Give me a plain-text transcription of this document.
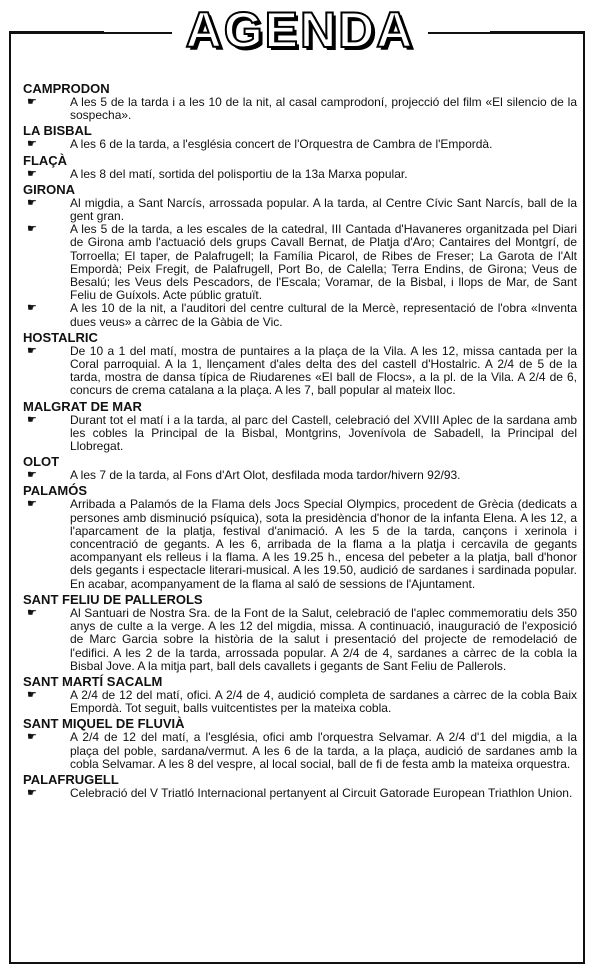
AGENDA
CAMPRODON
☛	A les 5 de la tarda i a les 10 de la nit, al casal camprodoní, projecció del film «El silencio de la sospecha».
LA BISBAL
☛	A les 6 de la tarda, a l'església concert de l'Orquestra de Cambra de l'Empordà.
FLAÇÀ
☛	A les 8 del matí, sortida del polisportiu de la 13a Marxa popular.
GIRONA
☛	Al migdia, a Sant Narcís, arrossada popular. A la tarda, al Centre Cívic Sant Narcís, ball de la gent gran.
☛	A les 5 de la tarda, a les escales de la catedral, III Cantada d'Havaneres organitzada pel Diari de Girona amb l'actuació dels grups Cavall Bernat, de Platja d'Aro; Cantaires del Montgrí, de Torroella; El taper, de Palafrugell; la Família Picarol, de Ribes de Freser; La Garota de l'Alt Empordà; Peix Fregit, de Palafrugell, Port Bo, de Calella; Terra Endins, de Girona; Veus de Besalú; les Veus dels Pescadors, de l'Escala; Voramar, de la Bisbal, i llops de Mar, de Sant Feliu de Guíxols. Acte públic gratuït.
☛	A les 10 de la nit, a l'auditori del centre cultural de la Mercè, representació de l'obra «Inventa dues veus» a càrrec de la Gàbia de Vic.
HOSTALRIC
☛	De 10 a 1 del matí, mostra de puntaires a la plaça de la Vila. A les 12, missa cantada per la Coral parroquial. A la 1, llençament d'ales delta des del castell d'Hostalric. A 2/4 de 5 de la tarda, mostra de dansa típica de Riudarenes «El ball de Flocs», a la pl. de la Vila. A 2/4 de 6, concurs de crema catalana a la plaça. A les 7, ball popular al mateix lloc.
MALGRAT DE MAR
☛	Durant tot el matí i a la tarda, al parc del Castell, celebració del XVIII Aplec de la sardana amb les cobles la Principal de la Bisbal, Montgrins, Jovenívola de Sabadell, la Principal del Llobregat.
OLOT
☛	A les 7 de la tarda, al Fons d'Art Olot, desfilada moda tardor/hivern 92/93.
PALAMÓS
☛	Arribada a Palamós de la Flama dels Jocs Special Olympics, procedent de Grècia (dedicats a persones amb disminució psíquica), sota la presidència d'honor de la infanta Elena. A les 12, a l'aparcament de la platja, festival d'animació. A les 5 de la tarda, cançons i xerinola i concentració de gegants. A les 6, arribada de la flama a la platja i cercavila de gegants acompanyant els relleus i la flama. A les 19.25 h., encesa del pebeter a la platja, ball d'honor dels gegants i espectacle literari-musical. A les 19.50, audició de sardanes i sardinada popular. En acabar, acompanyament de la flama al saló de sessions de l'Ajuntament.
SANT FELIU DE PALLEROLS
☛	Al Santuari de Nostra Sra. de la Font de la Salut, celebració de l'aplec commemoratiu dels 350 anys de culte a la verge. A les 12 del migdia, missa. A continuació, inauguració de l'exposició de Marc Garcia sobre la història de la salut i presentació del projecte de remodelació de l'edifici. A les 2 de la tarda, arrossada popular. A 2/4 de 4, sardanes a càrrec de la cobla la Bisbal Jove. A la mitja part, ball dels cavallets i gegants de Sant Feliu de Pallerols.
SANT MARTÍ SACALM
☛	A 2/4 de 12 del matí, ofici. A 2/4 de 4, audició completa de sardanes a càrrec de la cobla Baix Empordà. Tot seguit, balls vuitcentistes per la mateixa cobla.
SANT MIQUEL DE FLUVIÀ
☛	A 2/4 de 12 del matí, a l'església, ofici amb l'orquestra Selvamar. A 2/4 d'1 del migdia, a la plaça del poble, sardana/vermut. A les 6 de la tarda, a la plaça, audició de sardanes amb la cobla Selvamar. A les 8 del vespre, al local social, ball de fi de festa amb la mateixa orquestra.
PALAFRUGELL
☛	Celebració del V Triatló Internacional pertanyent al Circuit Gatorade European Triathlon Union.
